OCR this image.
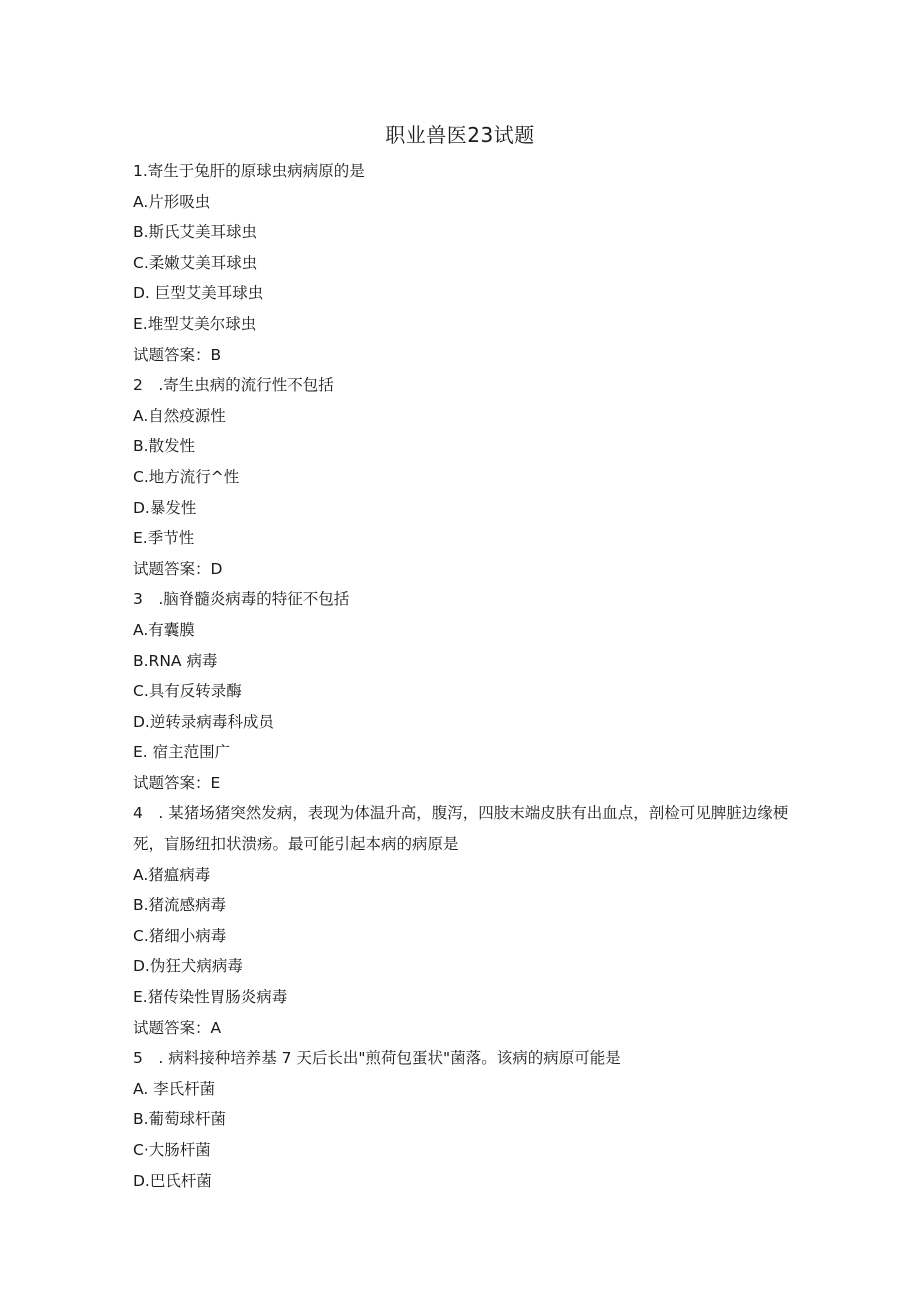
职业兽医23试题
1.寄生于兔肝的原球虫病病原的是
A.片形吸虫
B.斯氏艾美耳球虫
C.柔嫩艾美耳球虫
D. 巨型艾美耳球虫
E.堆型艾美尔球虫
试题答案：B
2　.寄生虫病的流行性不包括
A.自然疫源性
B.散发性
C.地方流行^性
D.暴发性
E.季节性
试题答案：D
3　.脑脊髓炎病毒的特征不包括
A.有囊膜
B.RNA 病毒
C.具有反转录酶
D.逆转录病毒科成员
E. 宿主范围广
试题答案：E
4　. 某猪场猪突然发病，表现为体温升高，腹泻，四肢末端皮肤有出血点，剖检可见脾脏边缘梗死，盲肠纽扣状溃疡。最可能引起本病的病原是
A.猪瘟病毒
B.猪流感病毒
C.猪细小病毒
D.伪狂犬病病毒
E.猪传染性胃肠炎病毒
试题答案：A
5　. 病料接种培养基 7 天后长出"煎荷包蛋状"菌落。该病的病原可能是
A. 李氏杆菌
B.葡萄球杆菌
C·大肠杆菌
D.巴氏杆菌
